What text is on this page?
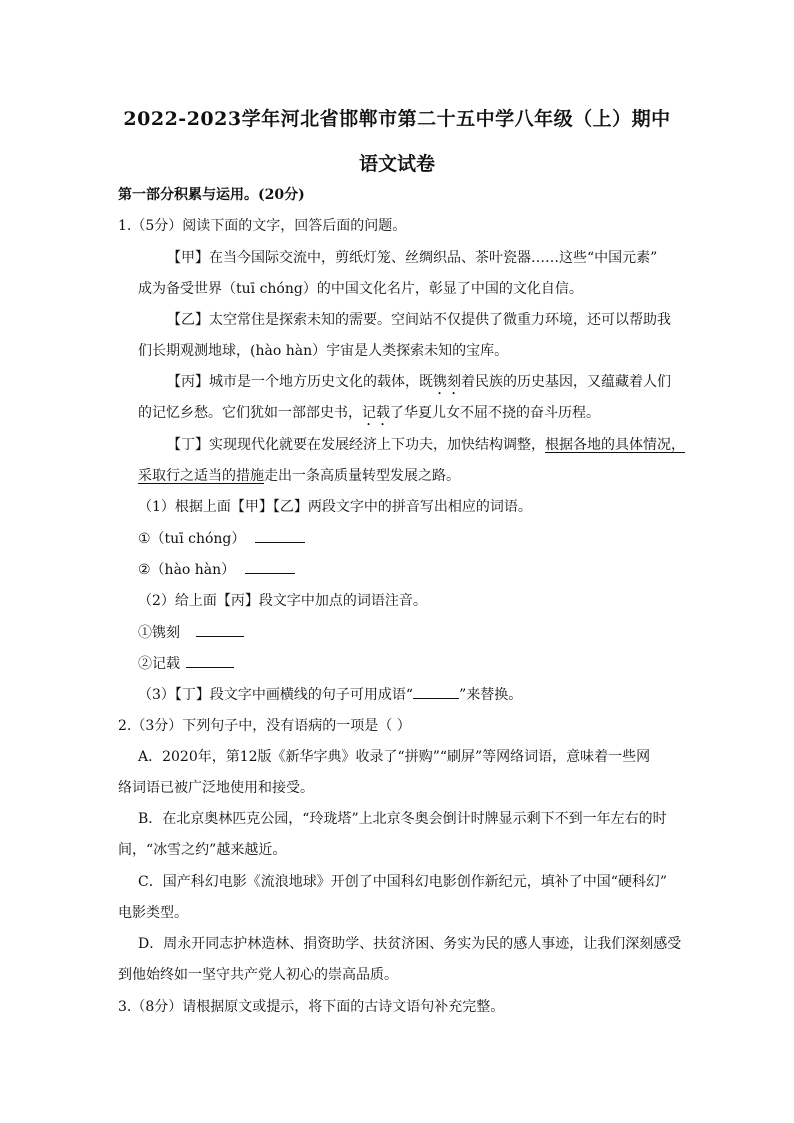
2022-2023学年河北省邯郸市第二十五中学八年级（上）期中
语文试卷
第一部分积累与运用。(20分)
1.（5分）阅读下面的文字，回答后面的问题。
【甲】在当今国际交流中，剪纸灯笼、丝绸织品、茶叶瓷器……这些“中国元素”
成为备受世界（tuī chóng）的中国文化名片，彰显了中国的文化自信。
【乙】太空常住是探索未知的需要。空间站不仅提供了微重力环境，还可以帮助我
们长期观测地球，(hào hàn）宇宙是人类探索未知的宝库。
【丙】城市是一个地方历史文化的载体，既镌刻着民族的历史基因，又蕴藏着人们
的记忆乡愁。它们犹如一部部史书，记载了华夏儿女不屈不挠的奋斗历程。
【丁】实现现代化就要在发展经济上下功夫，加快结构调整，根据各地的具体情况，
采取行之适当的措施走出一条高质量转型发展之路。
（1）根据上面【甲】【乙】两段文字中的拼音写出相应的词语。
①（tuī chóng）
②（hào hàn）
（2）给上面【丙】段文字中加点的词语注音。
①镌刻
②记载
（3）【丁】段文字中画横线的句子可用成语“	”来替换。
2.（3分）下列句子中，没有语病的一项是（ ）
A．2020年，第12版《新华字典》收录了“拼购”“刷屏”等网络词语，意味着一些网
络词语已被广泛地使用和接受。
B．在北京奥林匹克公园，“玲珑塔”上北京冬奥会倒计时牌显示剩下不到一年左右的时
间，“冰雪之约”越来越近。
C．国产科幻电影《流浪地球》开创了中国科幻电影创作新纪元，填补了中国“硬科幻”
电影类型。
D．周永开同志护林造林、捐资助学、扶贫济困、务实为民的感人事迹，让我们深刻感受
到他始终如一坚守共产党人初心的崇高品质。
3.（8分）请根据原文或提示，将下面的古诗文语句补充完整。
